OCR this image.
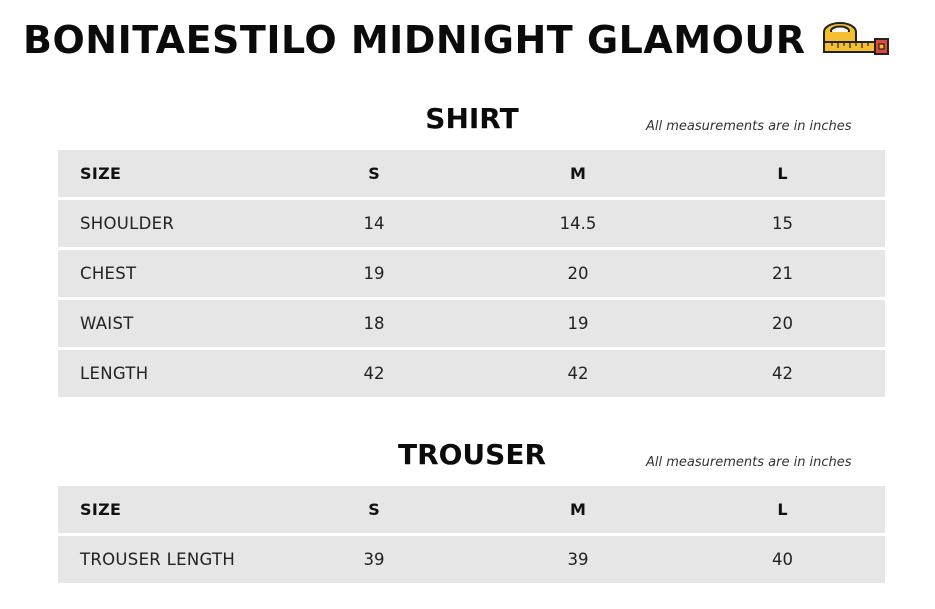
BONITAESTILO MIDNIGHT GLAMOUR
SHIRT	All measurements are in inches
SIZE	S	M	L
SHOULDER	14	14.5	15
CHEST	19	20	21
WAIST	18	19	20
LENGTH	42	42	42
TROUSER	All measurements are in inches
SIZE	S	M	L
TROUSER LENGTH	39	39	40
